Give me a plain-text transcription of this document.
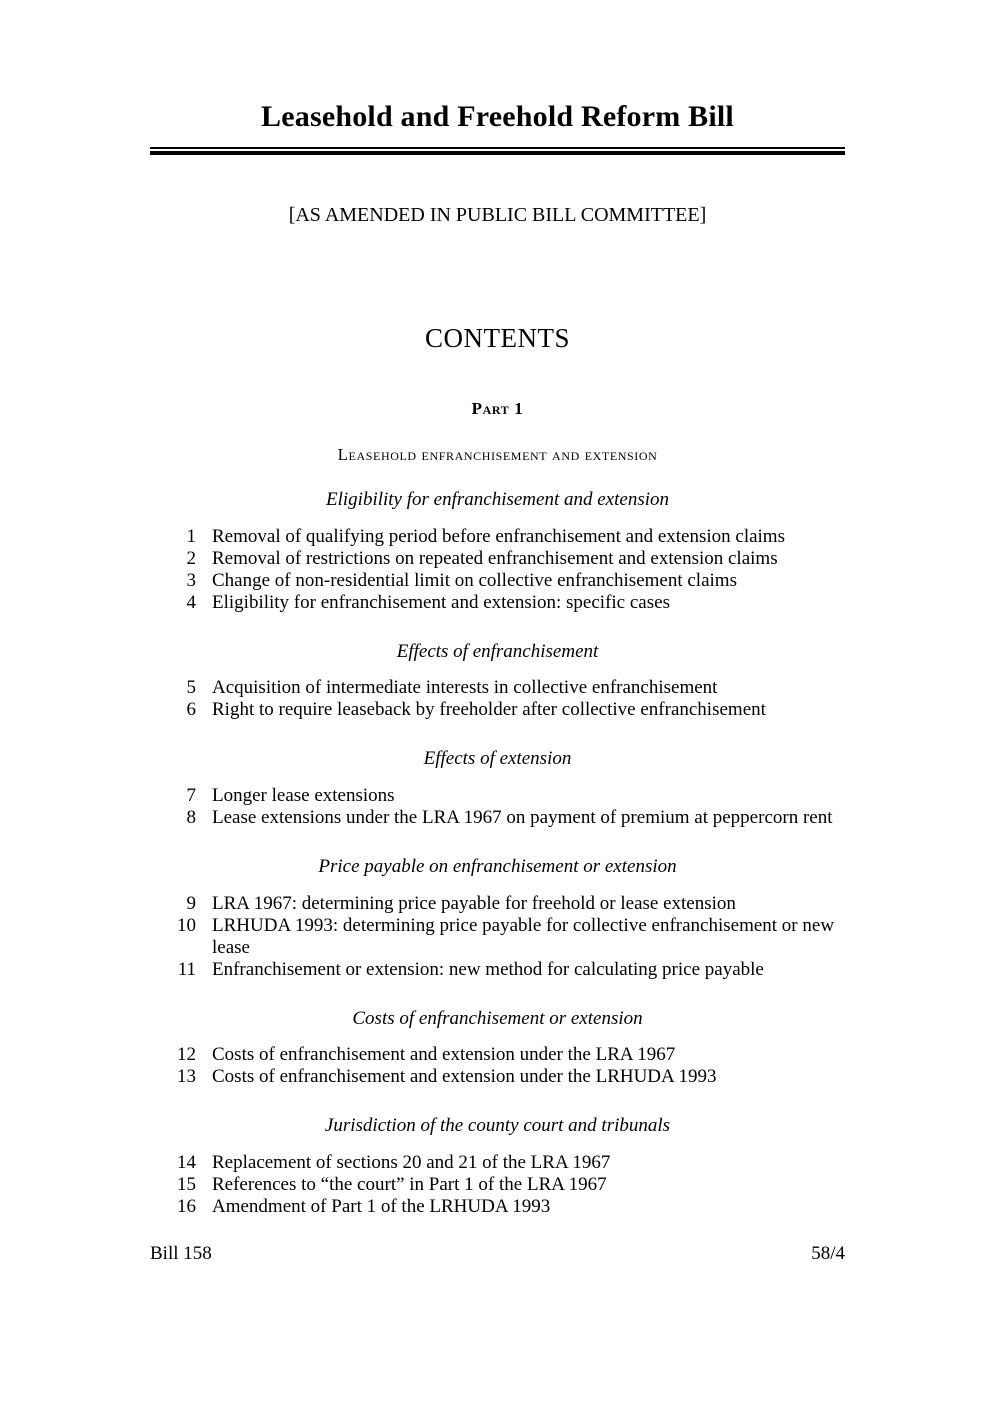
Leasehold and Freehold Reform Bill
[AS AMENDED IN PUBLIC BILL COMMITTEE]
CONTENTS
Part 1
Leasehold enfranchisement and extension
Eligibility for enfranchisement and extension
1 Removal of qualifying period before enfranchisement and extension claims
2 Removal of restrictions on repeated enfranchisement and extension claims
3 Change of non-residential limit on collective enfranchisement claims
4 Eligibility for enfranchisement and extension: specific cases
Effects of enfranchisement
5 Acquisition of intermediate interests in collective enfranchisement
6 Right to require leaseback by freeholder after collective enfranchisement
Effects of extension
7 Longer lease extensions
8 Lease extensions under the LRA 1967 on payment of premium at peppercorn rent
Price payable on enfranchisement or extension
9 LRA 1967: determining price payable for freehold or lease extension
10 LRHUDA 1993: determining price payable for collective enfranchisement or new lease
11 Enfranchisement or extension: new method for calculating price payable
Costs of enfranchisement or extension
12 Costs of enfranchisement and extension under the LRA 1967
13 Costs of enfranchisement and extension under the LRHUDA 1993
Jurisdiction of the county court and tribunals
14 Replacement of sections 20 and 21 of the LRA 1967
15 References to “the court” in Part 1 of the LRA 1967
16 Amendment of Part 1 of the LRHUDA 1993
Bill 158	58/4
